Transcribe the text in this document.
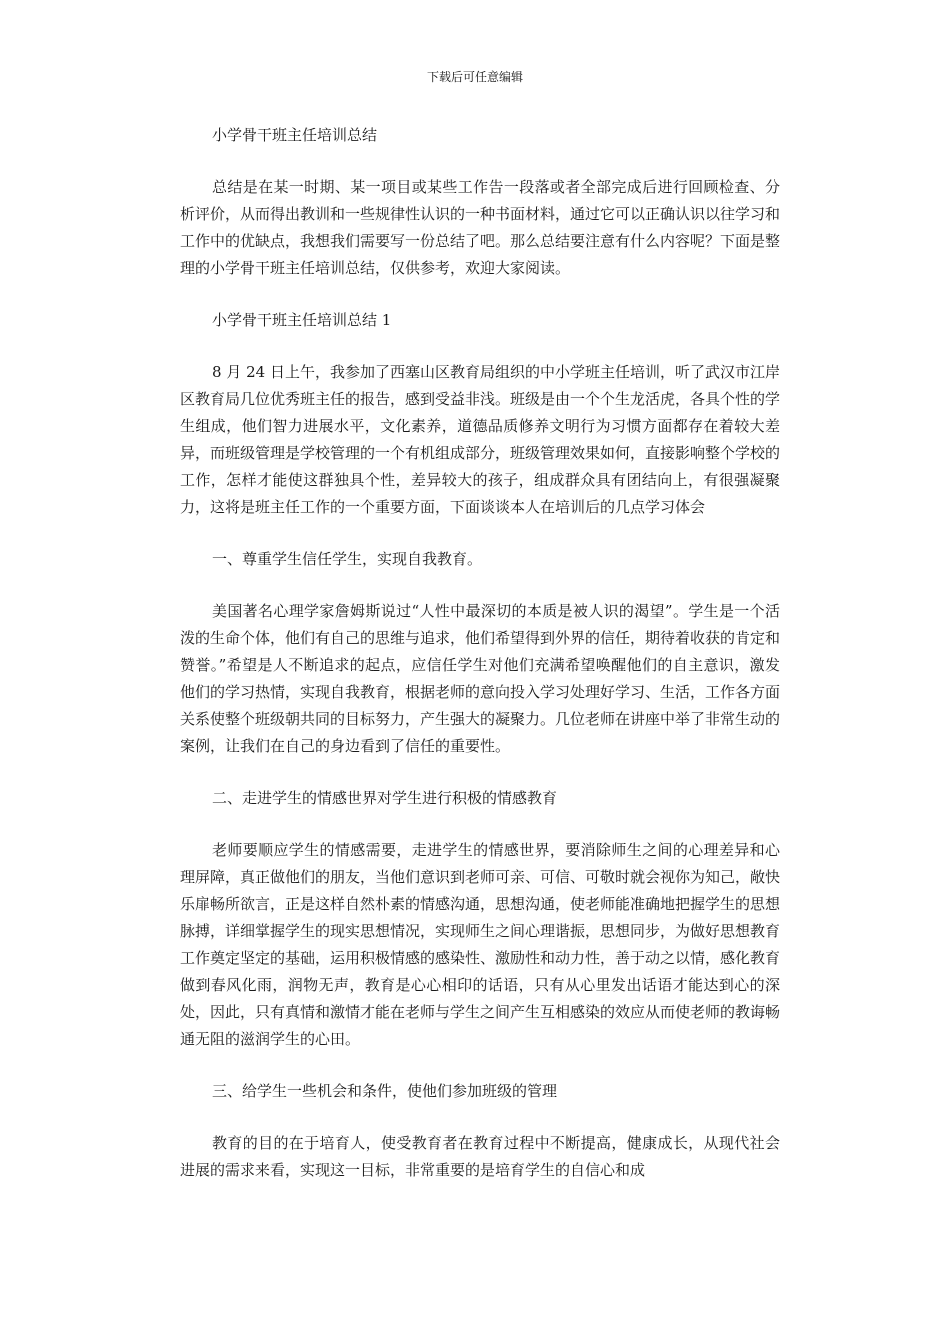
下载后可任意编辑

小学骨干班主任培训总结

总结是在某一时期、某一项目或某些工作告一段落或者全部完成后进行回顾检查、分析评价，从而得出教训和一些规律性认识的一种书面材料，通过它可以正确认识以往学习和工作中的优缺点，我想我们需要写一份总结了吧。那么总结要注意有什么内容呢？下面是整理的小学骨干班主任培训总结，仅供参考，欢迎大家阅读。

小学骨干班主任培训总结 1

8 月 24 日上午，我参加了西塞山区教育局组织的中小学班主任培训，听了武汉市江岸区教育局几位优秀班主任的报告，感到受益非浅。班级是由一个个生龙活虎，各具个性的学生组成，他们智力进展水平，文化素养，道德品质修养文明行为习惯方面都存在着较大差异，而班级管理是学校管理的一个有机组成部分，班级管理效果如何，直接影响整个学校的工作，怎样才能使这群独具个性，差异较大的孩子，组成群众具有团结向上，有很强凝聚力，这将是班主任工作的一个重要方面，下面谈谈本人在培训后的几点学习体会

一、尊重学生信任学生，实现自我教育。

美国著名心理学家詹姆斯说过“人性中最深切的本质是被人识的渴望”。学生是一个活泼的生命个体，他们有自己的思维与追求，他们希望得到外界的信任，期待着收获的肯定和赞誉。”希望是人不断追求的起点，应信任学生对他们充满希望唤醒他们的自主意识，激发他们的学习热情，实现自我教育，根据老师的意向投入学习处理好学习、生活，工作各方面关系使整个班级朝共同的目标努力，产生强大的凝聚力。几位老师在讲座中举了非常生动的案例，让我们在自己的身边看到了信任的重要性。

二、走进学生的情感世界对学生进行积极的情感教育

老师要顺应学生的情感需要，走进学生的情感世界，要消除师生之间的心理差异和心理屏障，真正做他们的朋友，当他们意识到老师可亲、可信、可敬时就会视你为知己，敞快乐扉畅所欲言，正是这样自然朴素的情感沟通，思想沟通，使老师能准确地把握学生的思想脉搏，详细掌握学生的现实思想情况，实现师生之间心理谐振，思想同步，为做好思想教育工作奠定坚定的基础，运用积极情感的感染性、激励性和动力性，善于动之以情，感化教育做到春风化雨，润物无声，教育是心心相印的话语，只有从心里发出话语才能达到心的深处，因此，只有真情和激情才能在老师与学生之间产生互相感染的效应从而使老师的教诲畅通无阻的滋润学生的心田。

三、给学生一些机会和条件，使他们参加班级的管理

教育的目的在于培育人，使受教育者在教育过程中不断提高，健康成长，从现代社会进展的需求来看，实现这一目标，非常重要的是培育学生的自信心和成
